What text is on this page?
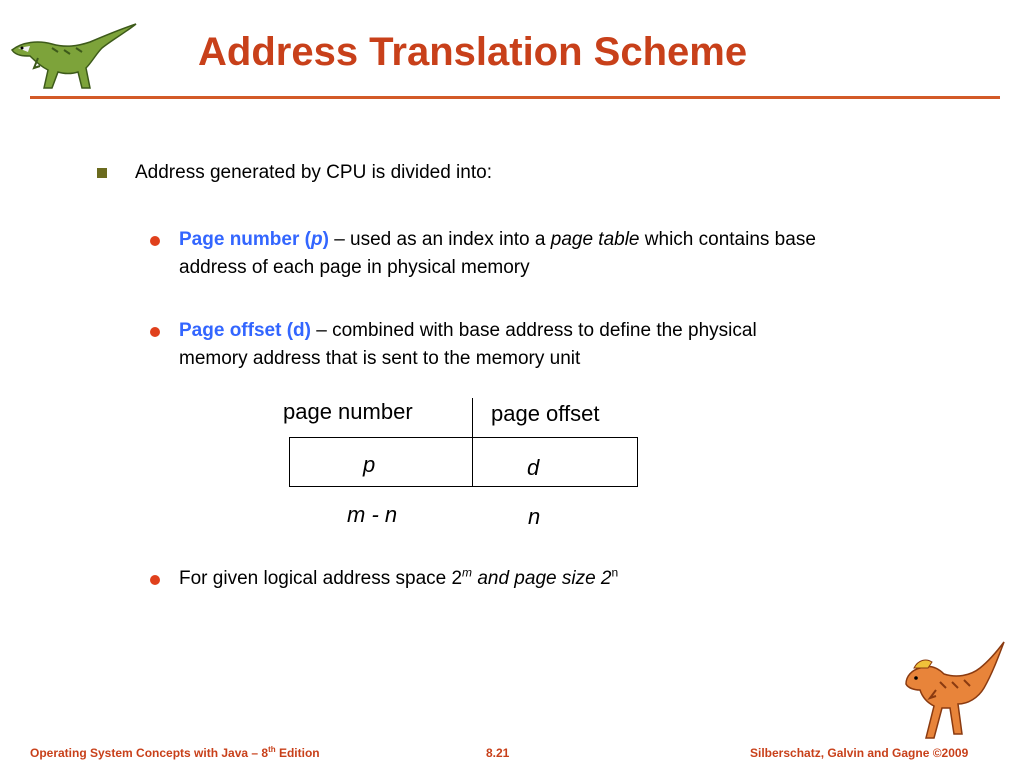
Address Translation Scheme
Address generated by CPU is divided into:
Page number (p) – used as an index into a page table which contains base address of each page in physical memory
Page offset (d) – combined with base address to define the physical memory address that is sent to the memory unit
page number	page offset
p	d
m - n	n
For given logical address space 2$^m$ and page size 2$^n$
Operating System Concepts with Java – 8th Edition	8.21	Silberschatz, Galvin and Gagne ©2009
